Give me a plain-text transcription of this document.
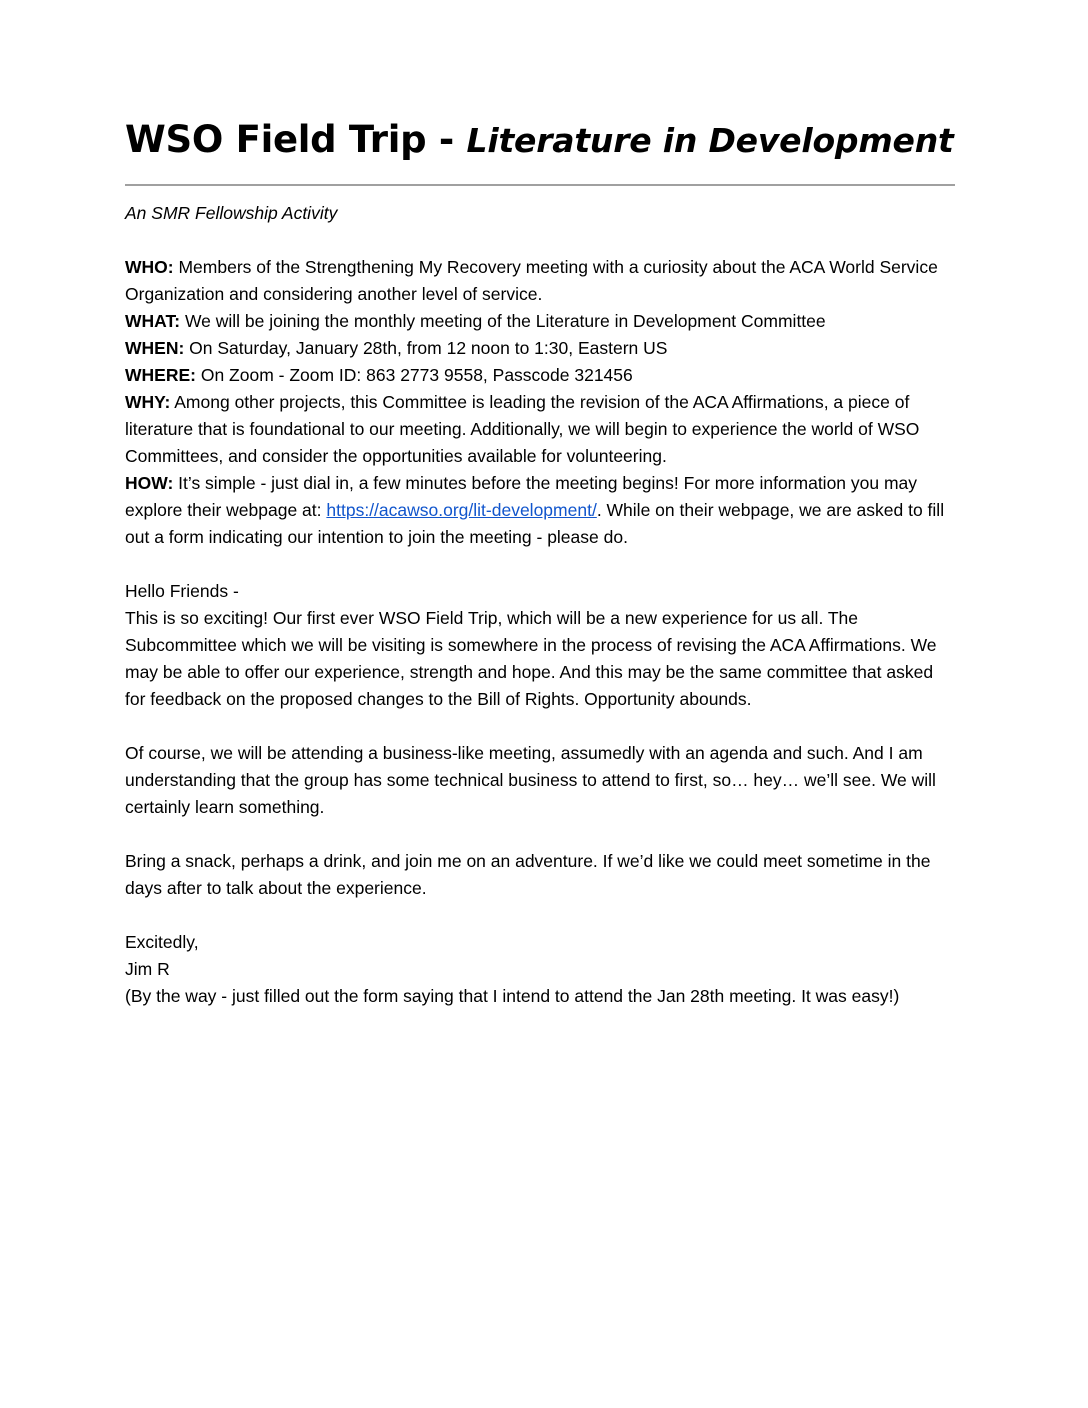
WSO Field Trip - Literature in Development

An SMR Fellowship Activity

WHO: Members of the Strengthening My Recovery meeting with a curiosity about the ACA World Service Organization and considering another level of service.
WHAT: We will be joining the monthly meeting of the Literature in Development Committee
WHEN: On Saturday, January 28th, from 12 noon to 1:30, Eastern US
WHERE: On Zoom - Zoom ID: 863 2773 9558, Passcode 321456
WHY: Among other projects, this Committee is leading the revision of the ACA Affirmations, a piece of literature that is foundational to our meeting. Additionally, we will begin to experience the world of WSO Committees, and consider the opportunities available for volunteering.
HOW: It’s simple - just dial in, a few minutes before the meeting begins! For more information you may explore their webpage at: https://acawso.org/lit-development/. While on their webpage, we are asked to fill out a form indicating our intention to join the meeting - please do.
Hello Friends -
This is so exciting! Our first ever WSO Field Trip, which will be a new experience for us all. The Subcommittee which we will be visiting is somewhere in the process of revising the ACA Affirmations. We may be able to offer our experience, strength and hope. And this may be the same committee that asked for feedback on the proposed changes to the Bill of Rights. Opportunity abounds.
Of course, we will be attending a business-like meeting, assumedly with an agenda and such. And I am understanding that the group has some technical business to attend to first, so… hey… we’ll see. We will certainly learn something.
Bring a snack, perhaps a drink, and join me on an adventure. If we’d like we could meet sometime in the days after to talk about the experience.
Excitedly,
Jim R
(By the way - just filled out the form saying that I intend to attend the Jan 28th meeting. It was easy!)
